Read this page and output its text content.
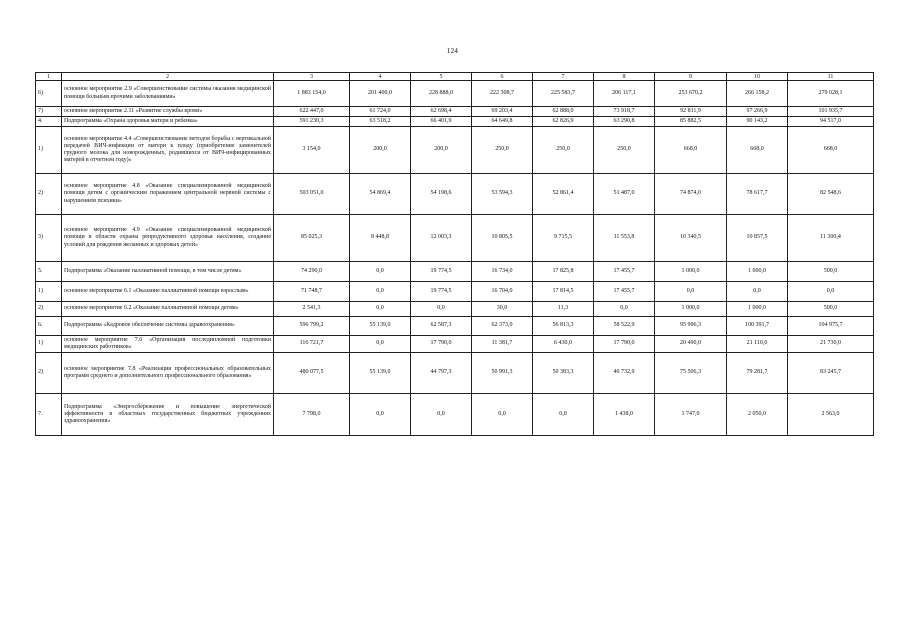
124
1	2	3	4	5	6	7	8	9	10	11
6)	основное мероприятие 2.9 «Совершенствование системы оказания медицинской помощи больным прочими заболеваниями»	1 883 154,0	201 400,0	228 888,0	222 308,7	225 583,7	206 117,1	253 670,2	266 158,2	279 028,1
7)	основное мероприятие 2.11 «Развитие службы крови»	622 447,0	61 724,0	62 698,4	69 203,4	62 888,0	73 918,7	92 811,9	97 266,9	101 935,7
4.	Подпрограмма «Охрана здоровья матери и ребенка»	591 230,3	63 518,2	66 401,9	64 649,8	62 826,9	63 290,8	85 882,5	90 143,2	94 517,0
1)	основное мероприятие 4.4 «Совершенствование методов борьбы с вертикальной передачей ВИЧ-инфекции от матери к плоду (приобретение заменителей грудного молока для новорожденных, родившихся от ВИЧ-инфицированных матерей в отчетном году)»	3 154,0	200,0	200,0	250,0	250,0	250,0	668,0	668,0	668,0
2)	основное мероприятие 4.8 «Оказание специализированной медицинской помощи детям с органическим поражением центральной нервной системы с нарушением психики»	503 051,0	54 869,4	54 198,6	53 594,3	52 861,4	51 487,0	74 874,0	78 617,7	82 548,6
3)	основное мероприятие 4.9 «Оказание специализированной медицинской помощи в области охраны репродуктивного здоровья населения, создание условий для рождения желанных и здоровых детей»	85 025,3	8 448,8	12 003,3	10 805,5	9 715,5	11 553,8	10 340,5	10 857,5	11 300,4
5.	Подпрограмма «Оказание паллиативной помощи, в том числе детям»	74 290,0	0,0	19 774,5	16 734,0	17 825,8	17 455,7	1 000,0	1 000,0	500,0
1)	основное мероприятие 6.1 «Оказание паллиативной помощи взрослым»	71 748,7	0,0	19 774,5	16 704,0	17 814,5	17 455,7	0,0	0,0	0,0
2)	основное мероприятие 6.2 «Оказание паллиативной помощи детям»	2 541,3	0,0	0,0	30,0	11,3	0,0	1 000,0	1 000,0	500,0
6.	Подпрограмма «Кадровое обеспечение системы здравоохранения»	596 799,2	55 139,0	62 587,3	62 373,0	56 813,3	58 522,9	95 996,3	100 391,7	104 975,7
1)	основное мероприятие 7.6 «Организация последипломной подготовки медицинских работников»	116 721,7	0,0	17 790,0	11 381,7	6 430,0	17 790,0	20 490,0	21 110,0	21 730,0
2)	основное мероприятие 7.8 «Реализация профессиональных образовательных программ среднего и дополнительного профессионального образования»	480 077,5	55 139,0	44 797,3	50 991,3	50 383,3	40 732,9	75 506,3	79 281,7	83 245,7
7.	Подпрограмма «Энергосбережение и повышение энергетической эффективности в областных государственных бюджетных учреждениях здравоохранения»	7 798,0	0,0	0,0	0,0	0,0	1 438,0	1 747,0	2 050,0	2 563,0
